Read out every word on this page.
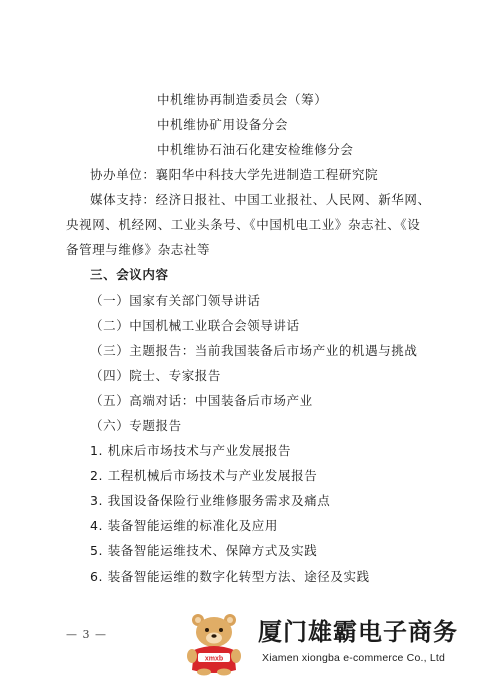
中机维协再制造委员会（筹）
中机维协矿用设备分会
中机维协石油石化建安检维修分会
协办单位：襄阳华中科技大学先进制造工程研究院
媒体支持：经济日报社、中国工业报社、人民网、新华网、
央视网、机经网、工业头条号、《中国机电工业》杂志社、《设
备管理与维修》杂志社等
三、会议内容
（一）国家有关部门领导讲话
（二）中国机械工业联合会领导讲话
（三）主题报告：当前我国装备后市场产业的机遇与挑战
（四）院士、专家报告
（五）高端对话：中国装备后市场产业
（六）专题报告
1. 机床后市场技术与产业发展报告
2. 工程机械后市场技术与产业发展报告
3. 我国设备保险行业维修服务需求及痛点
4. 装备智能运维的标准化及应用
5. 装备智能运维技术、保障方式及实践
6. 装备智能运维的数字化转型方法、途径及实践
— 3 —
xmxb
厦门雄霸电子商务
Xiamen xiongba e-commerce Co., Ltd
